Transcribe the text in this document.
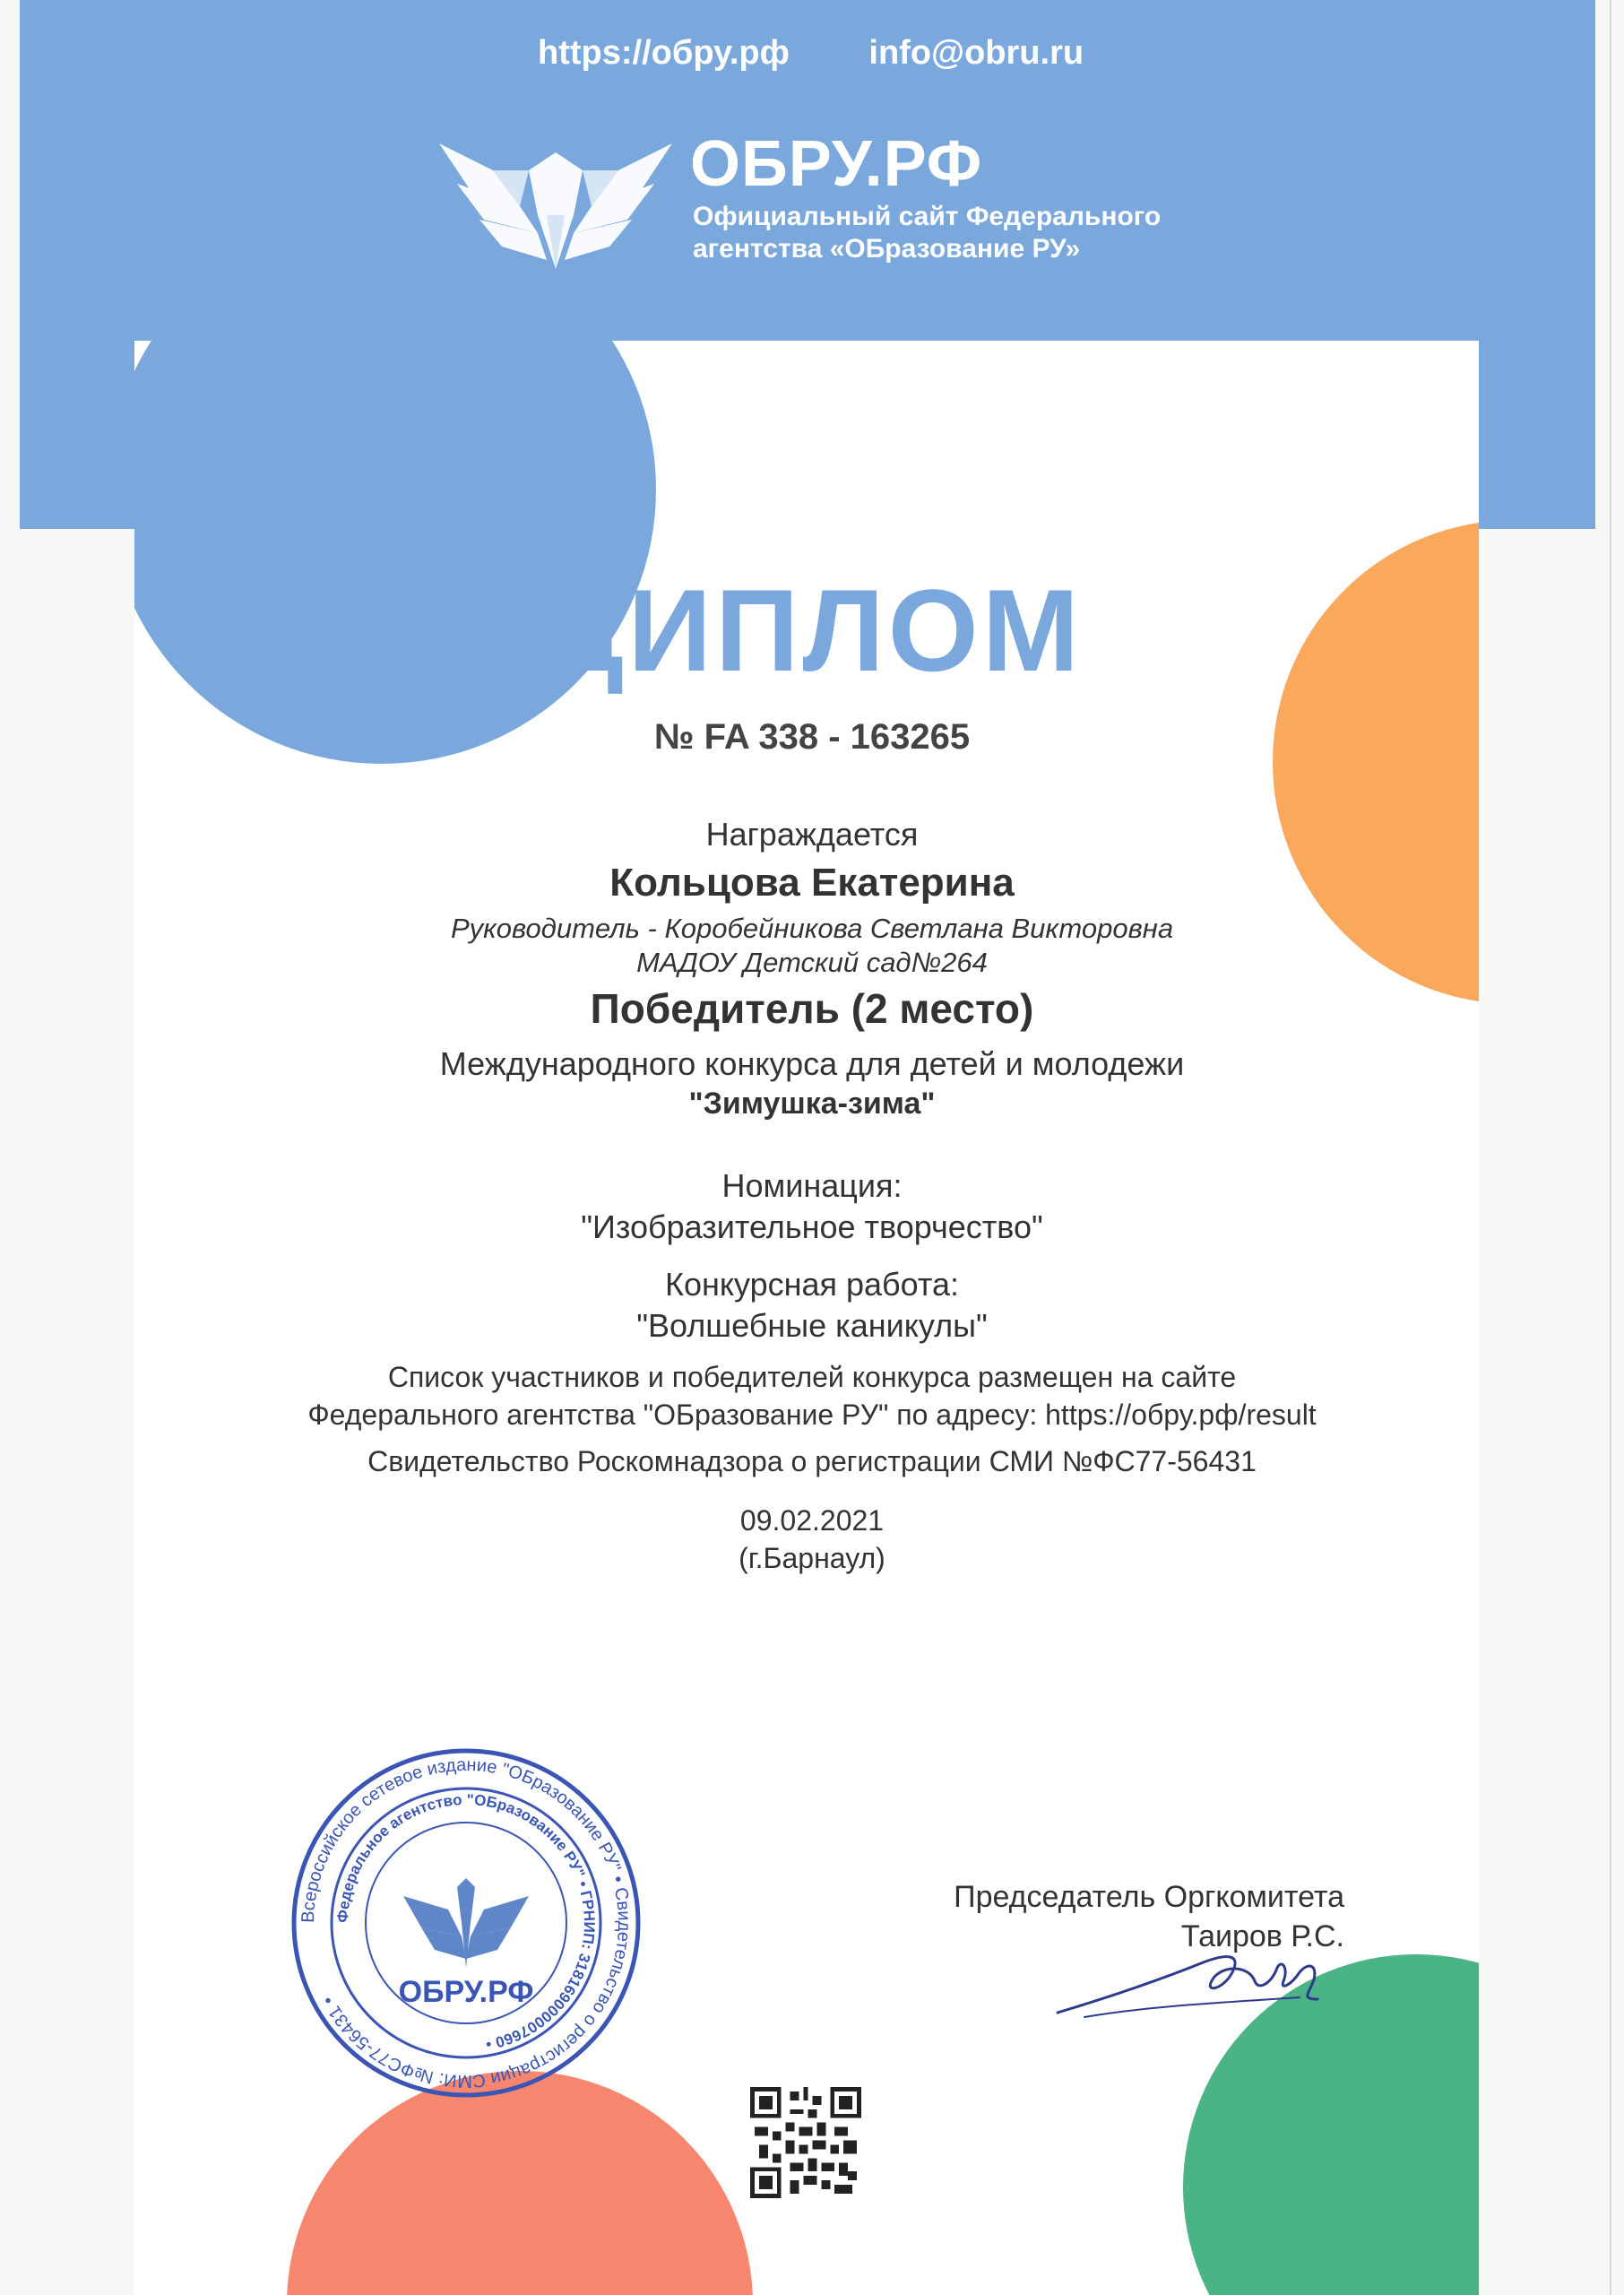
https://обру.рф info@obru.ru
ОБРУ.РФ
Официальный сайт Федерального
агентства «ОБразование РУ»
ДИПЛОМ
№ FA 338 - 163265
Награждается
Кольцова Екатерина
Руководитель - Коробейникова Светлана Викторовна
МАДОУ Детский сад№264
Победитель (2 место)
Международного конкурса для детей и молодежи
"Зимушка-зима"
Номинация:
"Изобразительное творчество"
Конкурсная работа:
"Волшебные каникулы"
Список участников и победителей конкурса размещен на сайте
Федерального агентства "ОБразование РУ" по адресу: https://обру.рф/result
Свидетельство Роскомнадзора о регистрации СМИ №ФС77-56431
09.02.2021
(г.Барнаул)
Всероссийское сетевое издание "ОБразование РУ" • Свидетельство о регистрации СМИ: №ФС77-56431 •
Федеральное агентство "ОБразование РУ" • ГРНИП: 318169000007660 •
ОБРУ.РФ
Председатель Оргкомитета
Таиров Р.С.
